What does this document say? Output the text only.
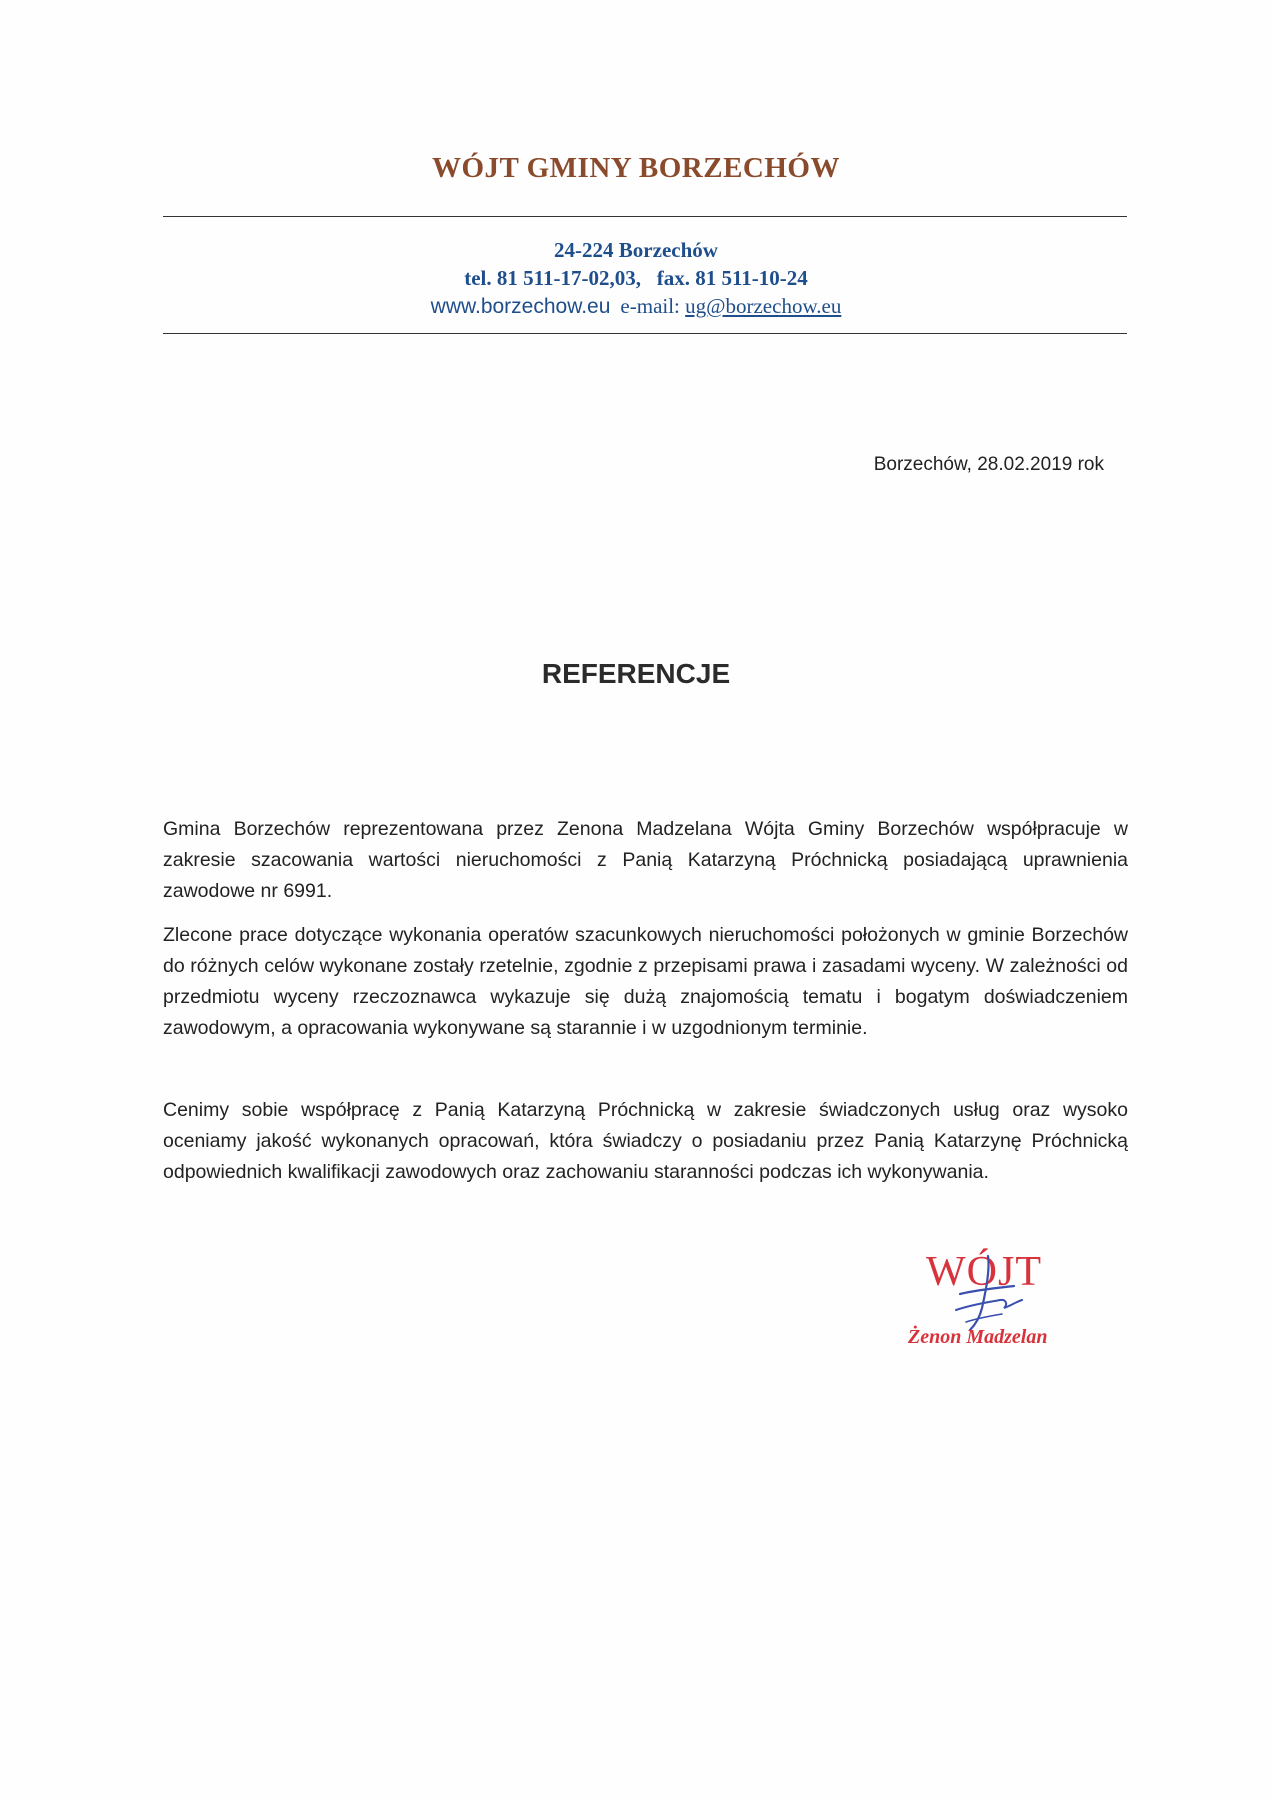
WÓJT GMINY BORZECHÓW
24-224 Borzechów
tel. 81 511-17-02,03,   fax. 81 511-10-24
www.borzechow.eu e-mail: ug@borzechow.eu
Borzechów, 28.02.2019 rok
REFERENCJE
Gmina Borzechów reprezentowana przez Zenona Madzelana Wójta Gminy Borzechów współpracuje w zakresie szacowania wartości nieruchomości z Panią Katarzyną Próchnicką posiadającą uprawnienia zawodowe nr 6991.
Zlecone prace dotyczące wykonania operatów szacunkowych nieruchomości położonych w gminie Borzechów do różnych celów wykonane zostały rzetelnie, zgodnie z przepisami prawa i zasadami wyceny. W zależności od przedmiotu wyceny rzeczoznawca wykazuje się dużą znajomością tematu i bogatym doświadczeniem zawodowym, a opracowania wykonywane są starannie i w uzgodnionym terminie.
Cenimy sobie współpracę z Panią Katarzyną Próchnicką w zakresie świadczonych usług oraz wysoko oceniamy jakość wykonanych opracowań, która świadczy o posiadaniu przez Panią Katarzynę Próchnicką odpowiednich kwalifikacji zawodowych oraz zachowaniu staranności podczas ich wykonywania.
WÓJT
Żenon Madzelan
